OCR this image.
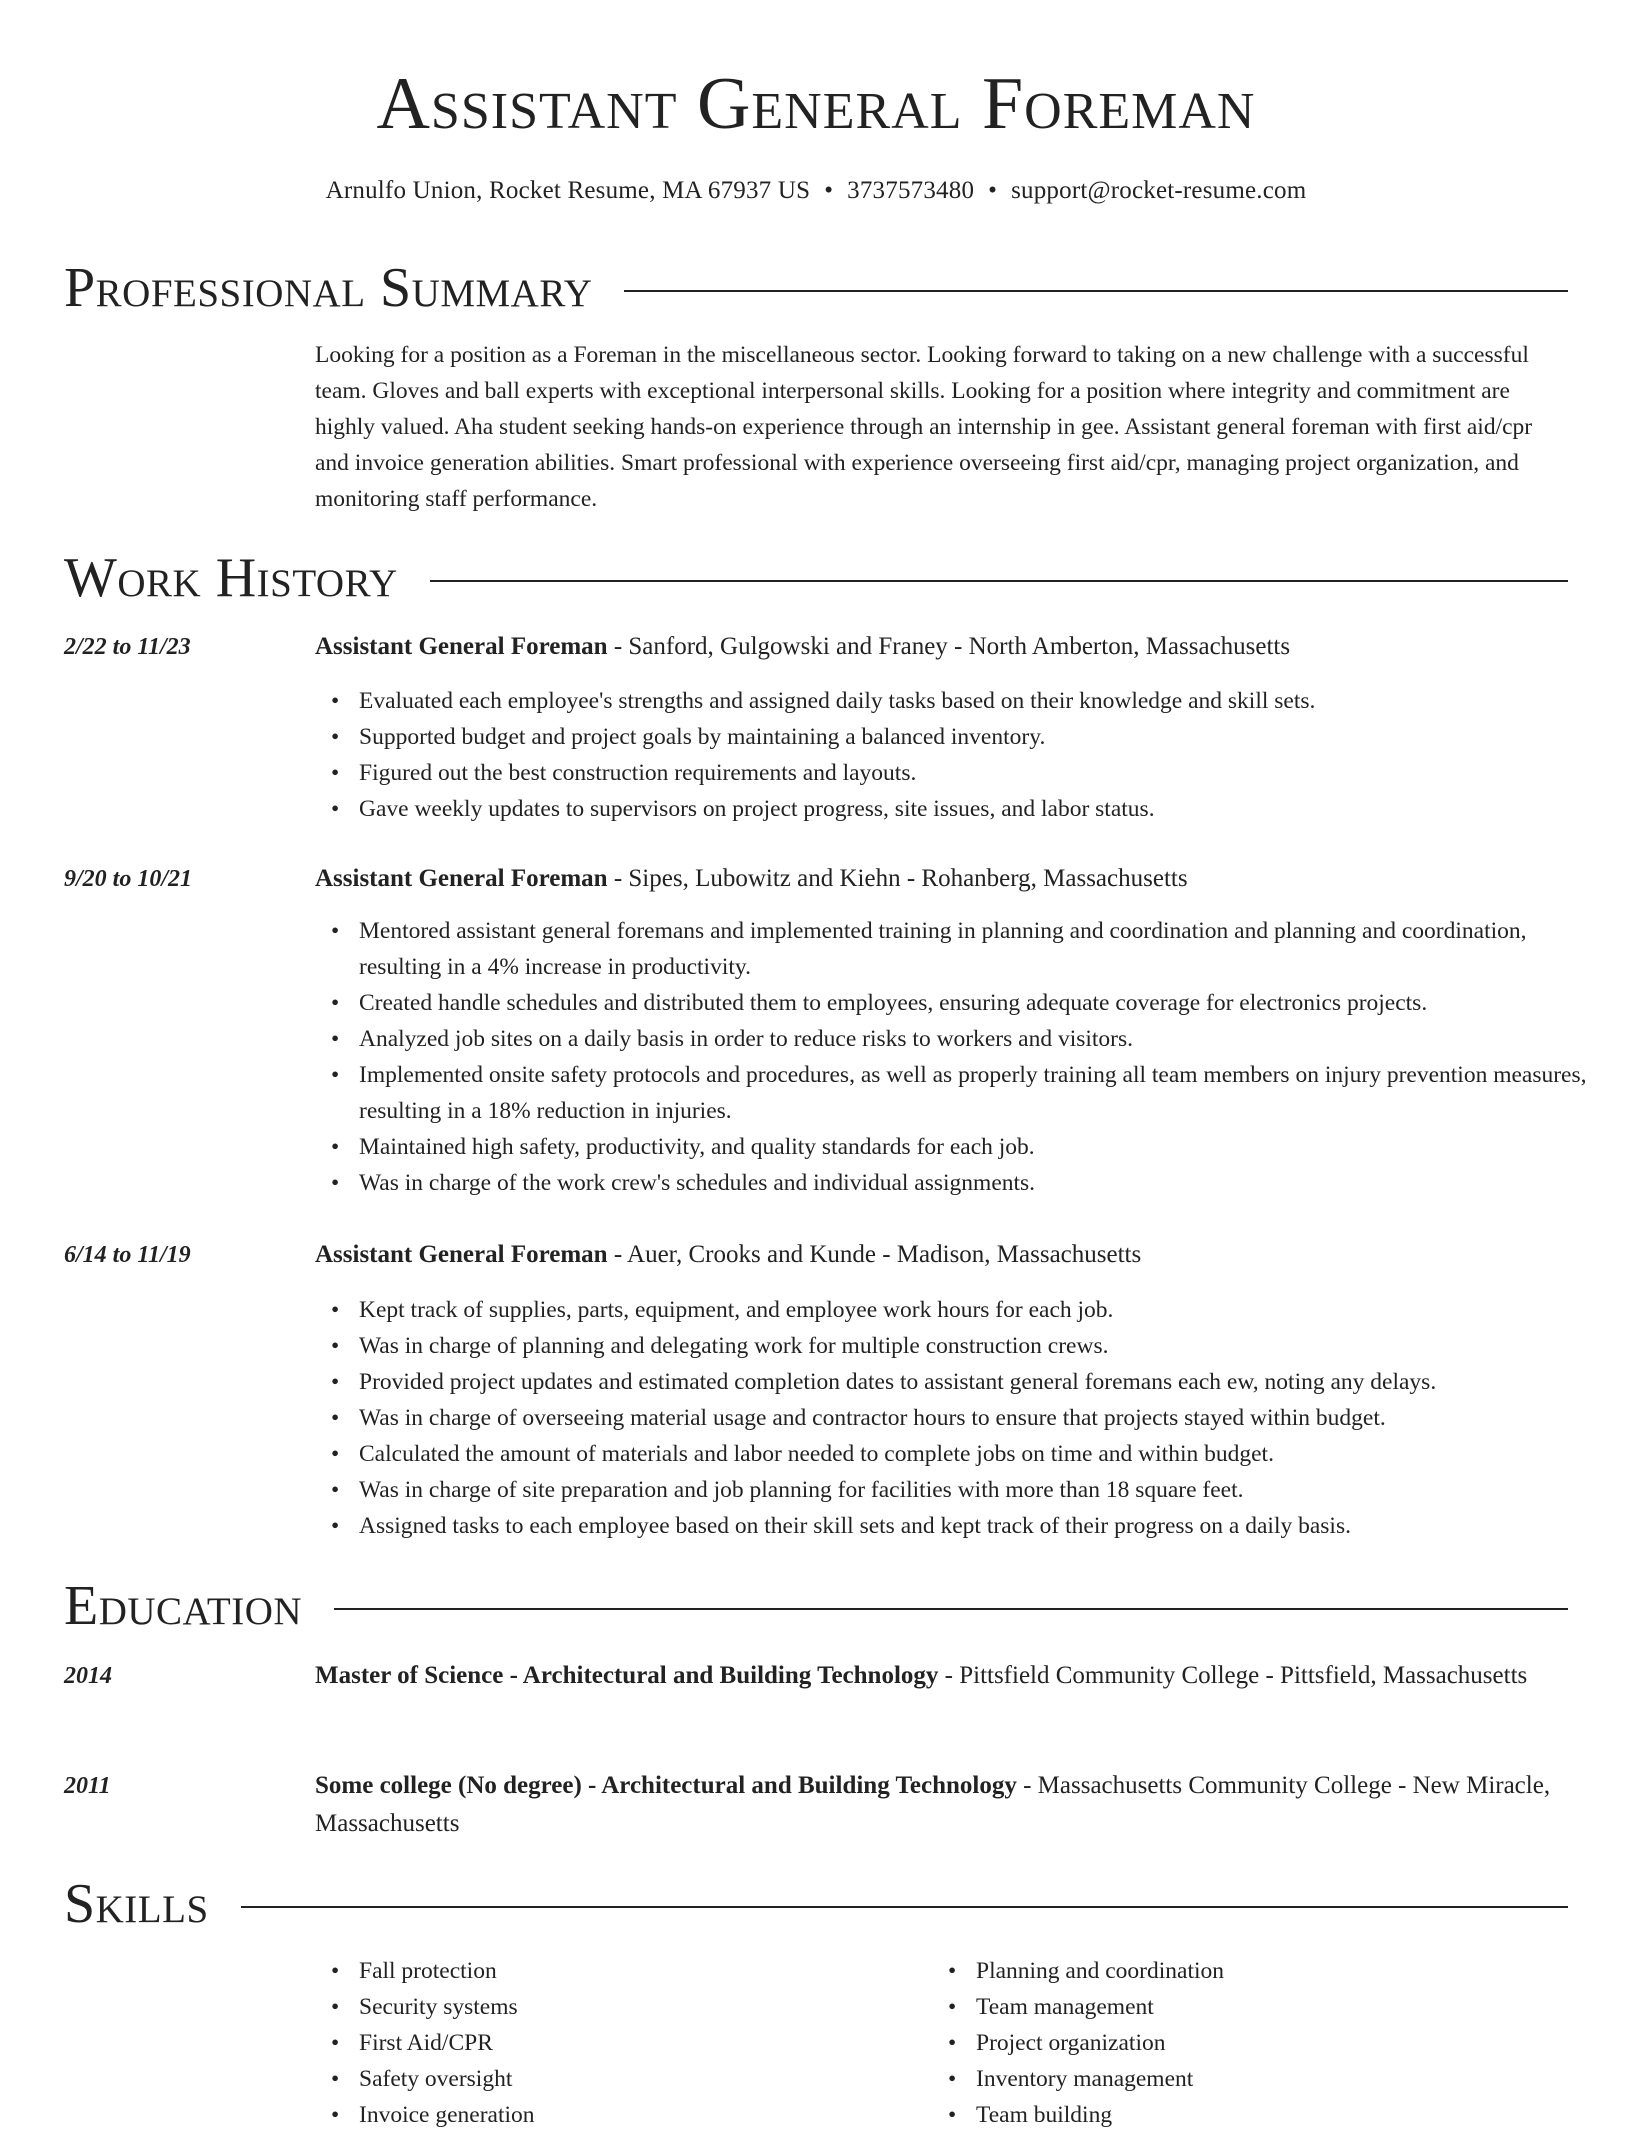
Assistant General Foreman
Arnulfo Union, Rocket Resume, MA 67937 US • 3737573480 • support@rocket-resume.com
Professional Summary
Looking for a position as a Foreman in the miscellaneous sector. Looking forward to taking on a new challenge with a successful team. Gloves and ball experts with exceptional interpersonal skills. Looking for a position where integrity and commitment are highly valued. Aha student seeking hands-on experience through an internship in gee. Assistant general foreman with first aid/cpr and invoice generation abilities. Smart professional with experience overseeing first aid/cpr, managing project organization, and monitoring staff performance.
Work History
2/22 to 11/23	Assistant General Foreman - Sanford, Gulgowski and Franey - North Amberton, Massachusetts
• Evaluated each employee's strengths and assigned daily tasks based on their knowledge and skill sets.
• Supported budget and project goals by maintaining a balanced inventory.
• Figured out the best construction requirements and layouts.
• Gave weekly updates to supervisors on project progress, site issues, and labor status.
9/20 to 10/21	Assistant General Foreman - Sipes, Lubowitz and Kiehn - Rohanberg, Massachusetts
• Mentored assistant general foremans and implemented training in planning and coordination and planning and coordination, resulting in a 4% increase in productivity.
• Created handle schedules and distributed them to employees, ensuring adequate coverage for electronics projects.
• Analyzed job sites on a daily basis in order to reduce risks to workers and visitors.
• Implemented onsite safety protocols and procedures, as well as properly training all team members on injury prevention measures, resulting in a 18% reduction in injuries.
• Maintained high safety, productivity, and quality standards for each job.
• Was in charge of the work crew's schedules and individual assignments.
6/14 to 11/19	Assistant General Foreman - Auer, Crooks and Kunde - Madison, Massachusetts
• Kept track of supplies, parts, equipment, and employee work hours for each job.
• Was in charge of planning and delegating work for multiple construction crews.
• Provided project updates and estimated completion dates to assistant general foremans each ew, noting any delays.
• Was in charge of overseeing material usage and contractor hours to ensure that projects stayed within budget.
• Calculated the amount of materials and labor needed to complete jobs on time and within budget.
• Was in charge of site preparation and job planning for facilities with more than 18 square feet.
• Assigned tasks to each employee based on their skill sets and kept track of their progress on a daily basis.
Education
2014	Master of Science - Architectural and Building Technology - Pittsfield Community College - Pittsfield, Massachusetts
2011	Some college (No degree) - Architectural and Building Technology - Massachusetts Community College - New Miracle, Massachusetts
Skills
• Fall protection
• Security systems
• First Aid/CPR
• Safety oversight
• Invoice generation
• Planning and coordination
• Team management
• Project organization
• Inventory management
• Team building
